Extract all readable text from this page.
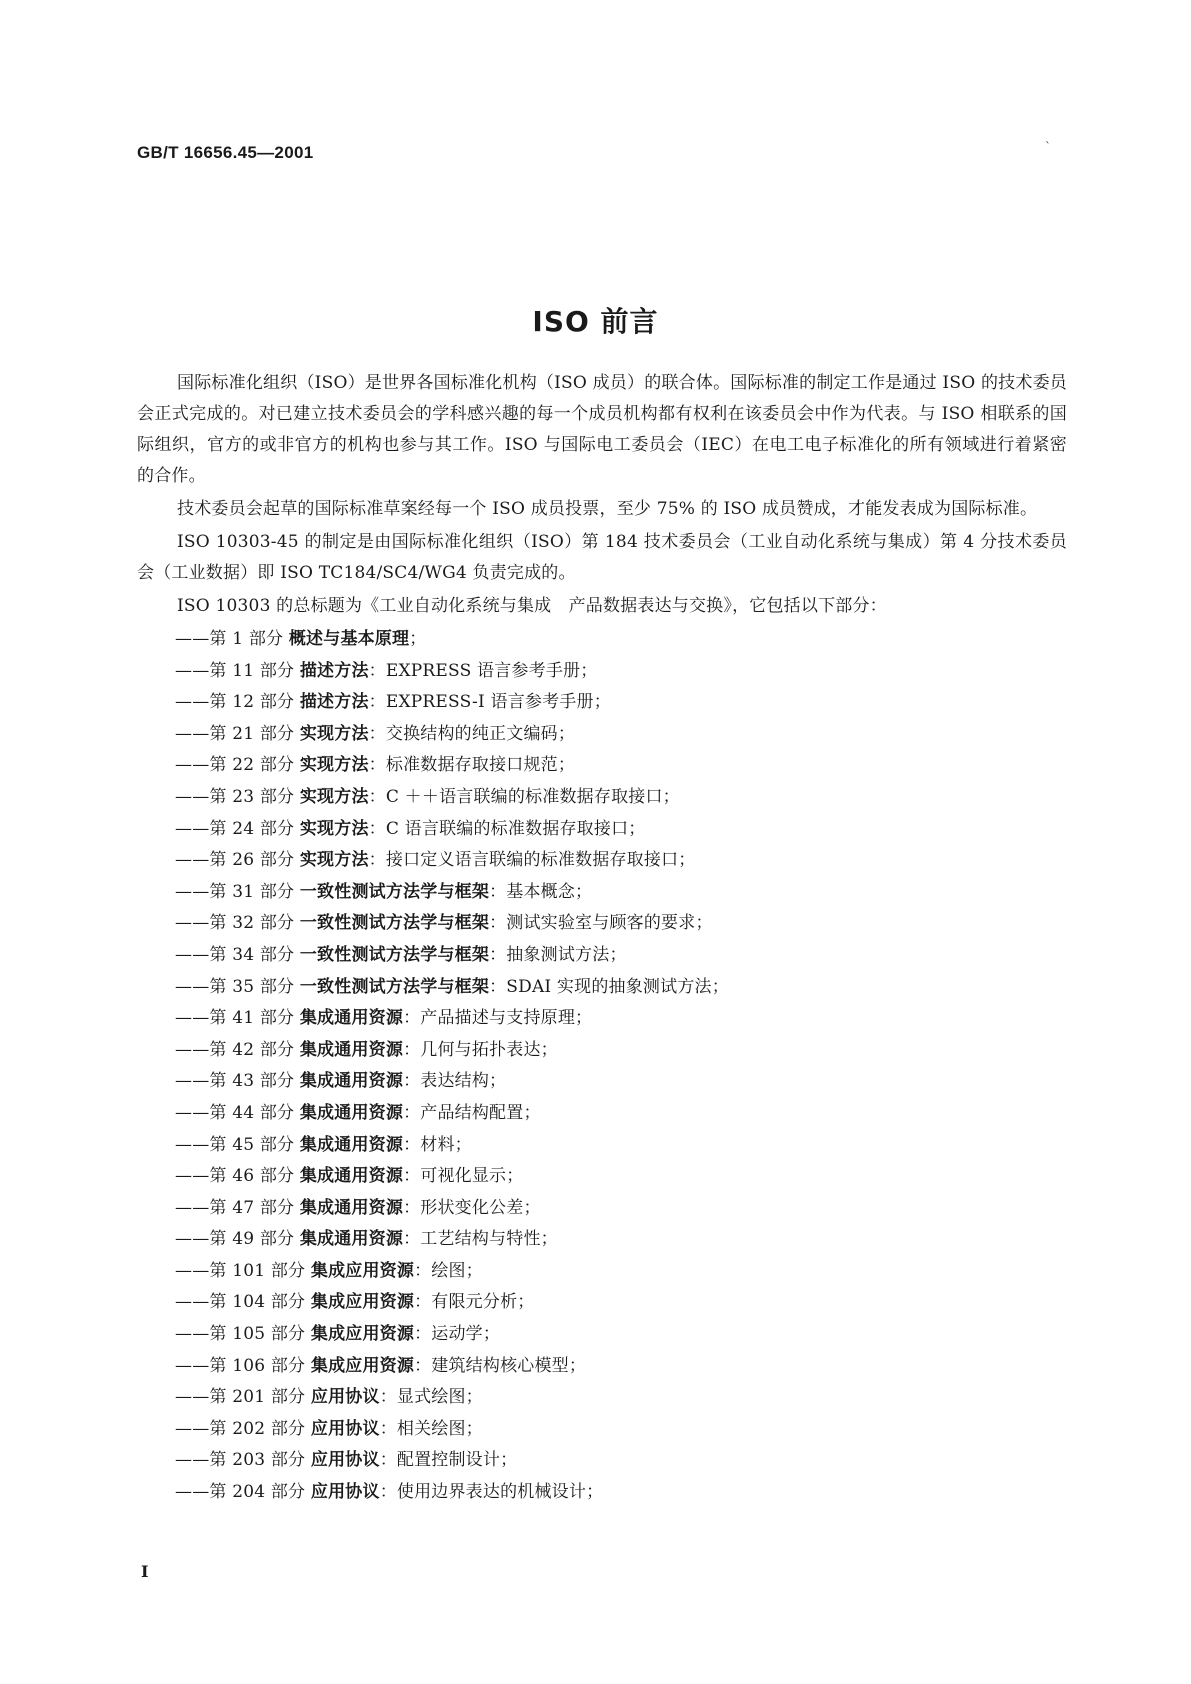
GB/T 16656.45—2001	`
ISO 前言

国际标准化组织（ISO）是世界各国标准化机构（ISO 成员）的联合体。国际标准的制定工作是通过 ISO 的技术委员会正式完成的。对已建立技术委员会的学科感兴趣的每一个成员机构都有权利在该委员会中作为代表。与 ISO 相联系的国际组织，官方的或非官方的机构也参与其工作。ISO 与国际电工委员会（IEC）在电工电子标准化的所有领域进行着紧密的合作。

技术委员会起草的国际标准草案经每一个 ISO 成员投票，至少 75% 的 ISO 成员赞成，才能发表成为国际标准。

ISO 10303-45 的制定是由国际标准化组织（ISO）第 184 技术委员会（工业自动化系统与集成）第 4 分技术委员会（工业数据）即 ISO TC184/SC4/WG4 负责完成的。

ISO 10303 的总标题为《工业自动化系统与集成　产品数据表达与交换》，它包括以下部分：

——第 1 部分 概述与基本原理；
——第 11 部分 描述方法：EXPRESS 语言参考手册；
——第 12 部分 描述方法：EXPRESS-I 语言参考手册；
——第 21 部分 实现方法：交换结构的纯正文编码；
——第 22 部分 实现方法：标准数据存取接口规范；
——第 23 部分 实现方法：C ＋＋语言联编的标准数据存取接口；
——第 24 部分 实现方法：C 语言联编的标准数据存取接口；
——第 26 部分 实现方法：接口定义语言联编的标准数据存取接口；
——第 31 部分 一致性测试方法学与框架：基本概念；
——第 32 部分 一致性测试方法学与框架：测试实验室与顾客的要求；
——第 34 部分 一致性测试方法学与框架：抽象测试方法；
——第 35 部分 一致性测试方法学与框架：SDAI 实现的抽象测试方法；
——第 41 部分 集成通用资源：产品描述与支持原理；
——第 42 部分 集成通用资源：几何与拓扑表达；
——第 43 部分 集成通用资源：表达结构；
——第 44 部分 集成通用资源：产品结构配置；
——第 45 部分 集成通用资源：材料；
——第 46 部分 集成通用资源：可视化显示；
——第 47 部分 集成通用资源：形状变化公差；
——第 49 部分 集成通用资源：工艺结构与特性；
——第 101 部分 集成应用资源：绘图；
——第 104 部分 集成应用资源：有限元分析；
——第 105 部分 集成应用资源：运动学；
——第 106 部分 集成应用资源：建筑结构核心模型；
——第 201 部分 应用协议：显式绘图；
——第 202 部分 应用协议：相关绘图；
——第 203 部分 应用协议：配置控制设计；
——第 204 部分 应用协议：使用边界表达的机械设计；
I
